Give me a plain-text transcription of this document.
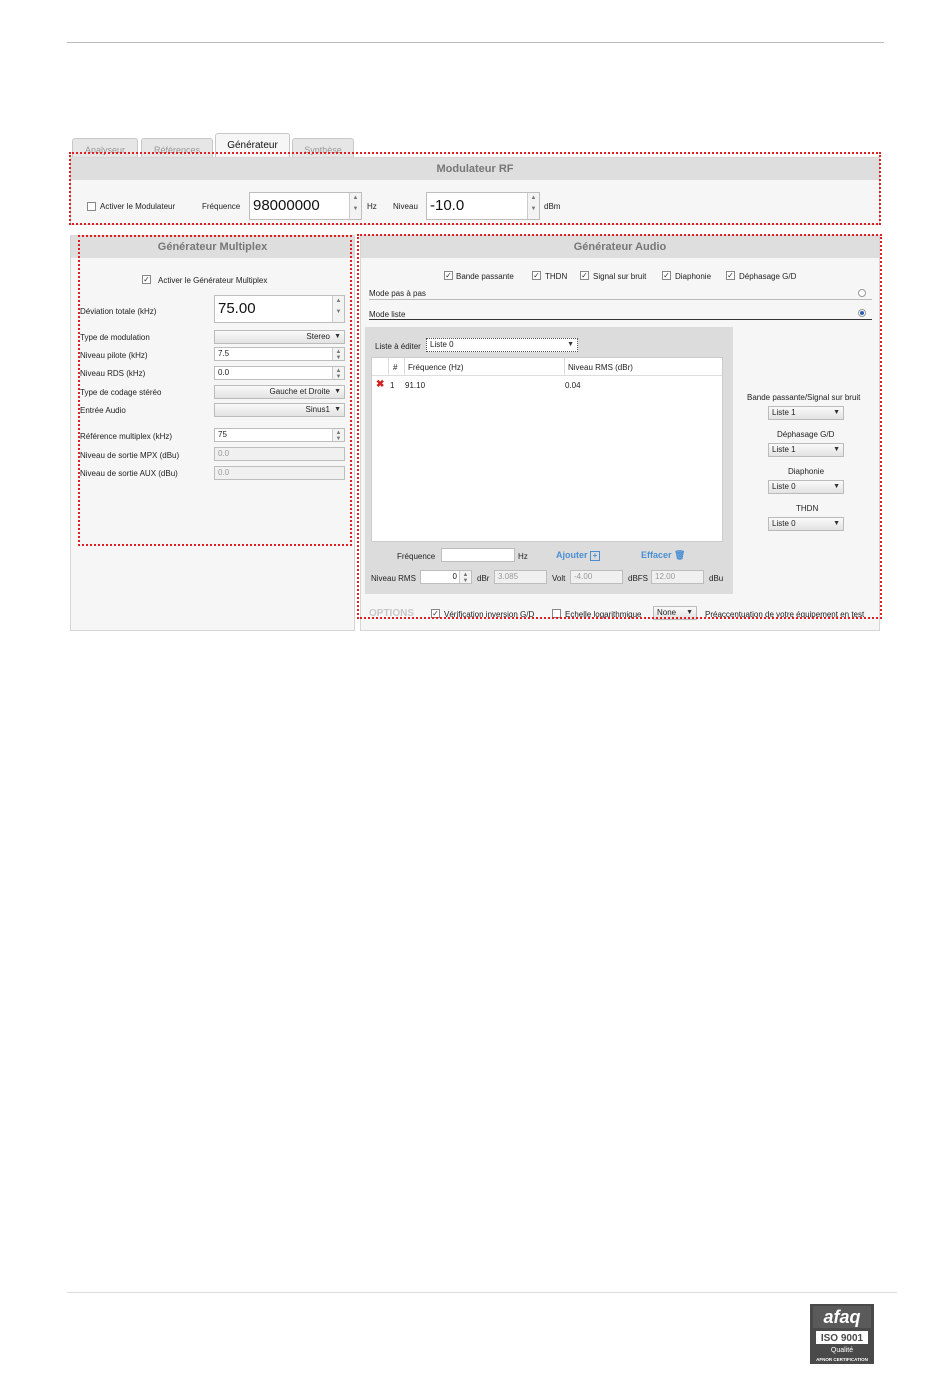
Analyseur	Références	Générateur	Synthèse
Modulateur RF
Activer le Modulateur	Fréquence 98000000	▲
▼	Hz Niveau -10.0	▲
▼ dBm
Générateur Multiplex
✓ Activer le Générateur Multiplex
Déviation totale (kHz)	75.00	▲
▼
Type de modulation	Stereo ▼
Niveau pilote (kHz)	7.5	▲
▼
Niveau RDS (kHz)	0.0	▲
▼
Type de codage stéréo	Gauche et Droite ▼
Entrée Audio	Sinus1 ▼
Référence multiplex (kHz)	75	▲
▼
Niveau de sortie MPX (dBu)	0.0
Niveau de sortie AUX (dBu)	0.0
Générateur Audio
✓ Bande passante ✓ THDN ✓ Signal sur bruit ✓ Diaphonie ✓ Déphasage G/D
Mode pas à pas
Mode liste
Liste à éditer	Liste 0	▼
# Fréquence (Hz)	Niveau RMS (dBr)
✖ 1 91.10	0.04
Fréquence	Hz	Ajouter +	Effacer 🗑
Niveau RMS	0 ▲
▼	dBr	3.085	Volt	-4.00	dBFS 12.00	dBu
Bande passante/Signal sur bruit
Liste 1	▼
Déphasage G/D
Liste 1	▼
Diaphonie
Liste 0	▼
THDN
Liste 0	▼
OPTIONS ✓ Vérification inversion G/D	Echelle logarithmique	None ▼ Préaccentuation de votre équipement en test
afaq
ISO 9001
Qualité
AFNOR CERTIFICATION
